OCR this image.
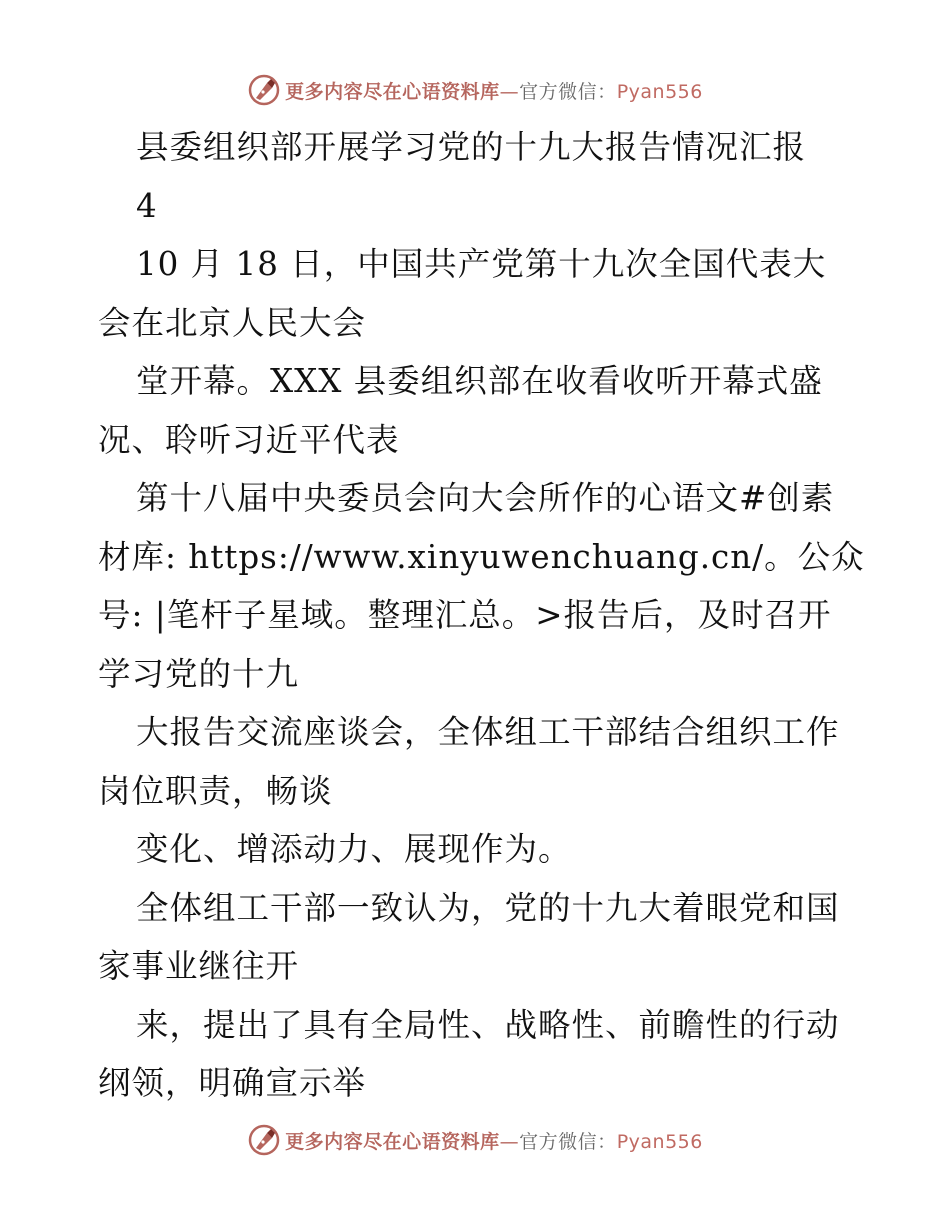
更多内容尽在心语资料库—官方微信：Pyan556
县委组织部开展学习党的十九大报告情况汇报
4
10 月 18 日，中国共产党第十九次全国代表大
会在北京人民大会
堂开幕。XXX 县委组织部在收看收听开幕式盛
况、聆听习近平代表
第十八届中央委员会向大会所作的心语文#创素
材库: https://www.xinyuwenchuang.cn/。公众
号: |笔杆子星域。整理汇总。>报告后，及时召开
学习党的十九
大报告交流座谈会，全体组工干部结合组织工作
岗位职责，畅谈
变化、增添动力、展现作为。
全体组工干部一致认为，党的十九大着眼党和国
家事业继往开
来，提出了具有全局性、战略性、前瞻性的行动
纲领，明确宣示举
更多内容尽在心语资料库—官方微信：Pyan556
